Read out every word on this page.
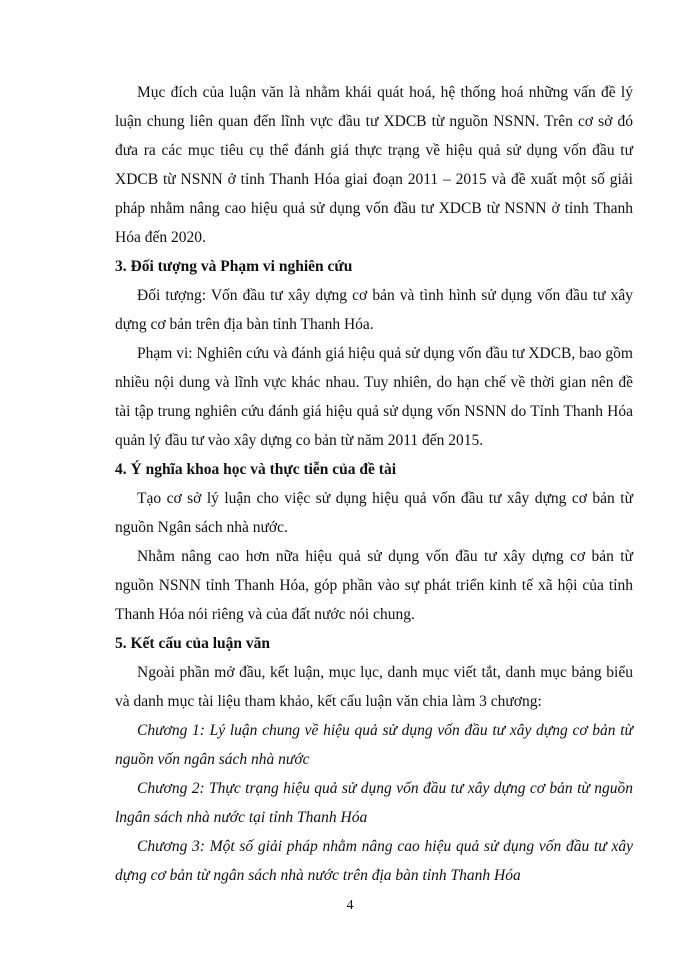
Mục đích của luận văn là nhằm khái quát hoá, hệ thống hoá những vấn đề lý luận chung liên quan đến lĩnh vực đầu tư XDCB từ nguồn NSNN. Trên cơ sở đó đưa ra các mục tiêu cụ thể đánh giá thực trạng về hiệu quả sử dụng vốn đầu tư XDCB từ NSNN ở tỉnh Thanh Hóa giai đoạn 2011 – 2015 và đề xuất một số giải pháp nhằm nâng cao hiệu quả sử dụng vốn đầu tư XDCB từ NSNN ở tỉnh Thanh Hóa đến 2020.

3. Đối tượng và Phạm vi nghiên cứu

Đối tượng: Vốn đầu tư xây dựng cơ bản và tình hình sử dụng vốn đầu tư xây dựng cơ bản trên địa bàn tỉnh Thanh Hóa.

Phạm vi: Nghiên cứu và đánh giá hiệu quả sử dụng vốn đầu tư XDCB, bao gồm nhiều nội dung và lĩnh vực khác nhau. Tuy nhiên, do hạn chế về thời gian nên đề tài tập trung nghiên cứu đánh giá hiệu quả sử dụng vốn NSNN do Tỉnh Thanh Hóa quản lý đầu tư vào xây dựng co bản từ năm 2011 đến 2015.

4. Ý nghĩa khoa học và thực tiễn của đề tài

Tạo cơ sở lý luận cho việc sử dụng hiệu quả vốn đầu tư xây dựng cơ bản từ nguồn Ngân sách nhà nước.

Nhằm nâng cao hơn nữa hiệu quả sử dụng vốn đầu tư xây dựng cơ bản từ nguồn NSNN tỉnh Thanh Hóa, góp phần vào sự phát triển kinh tế xã hội của tỉnh Thanh Hóa nói riêng và của đất nước nói chung.

5. Kết cấu của luận văn

Ngoài phần mở đầu, kết luận, mục lục, danh mục viết tắt, danh mục bảng biểu và danh mục tài liệu tham khảo, kết cấu luận văn chia làm 3 chương:

Chương 1: Lý luận chung về hiệu quả sử dụng vốn đầu tư xây dựng cơ bản từ nguồn vốn ngân sách nhà nước

Chương 2: Thực trạng hiệu quả sử dụng vốn đầu tư xây dựng cơ bản từ nguồn lngân sách nhà nước tại tỉnh Thanh Hóa

Chương 3: Một số giải pháp nhằm nâng cao hiệu quả sử dụng vốn đầu tư xây dựng cơ bản từ ngân sách nhà nước trên địa bàn tỉnh Thanh Hóa

4
